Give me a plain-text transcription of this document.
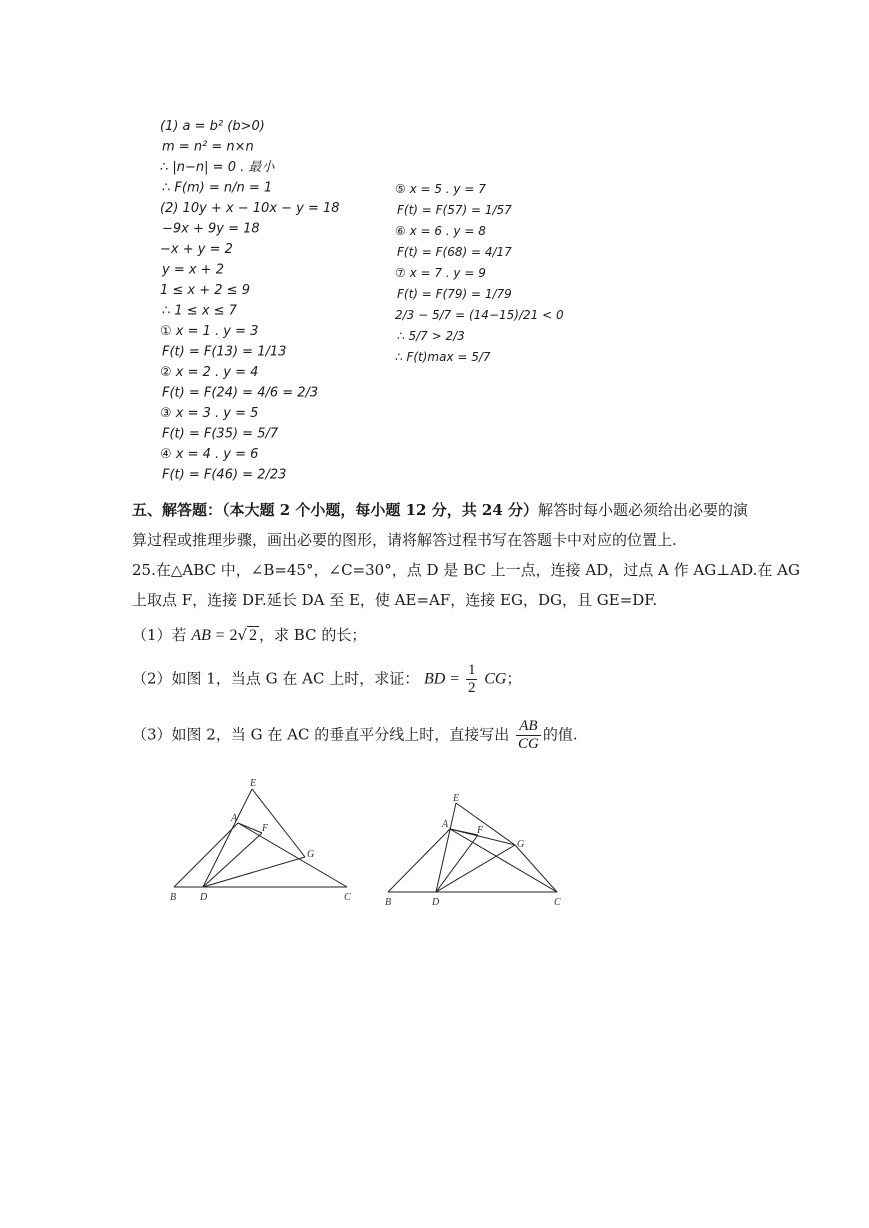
(1) a = b² (b>0)
m = n² = n×n
∴ |n−n| = 0 . 最小
∴ F(m) = n/n = 1
(2) 10y + x − 10x − y = 18
−9x + 9y = 18
−x + y = 2
y = x + 2
1 ≤ x + 2 ≤ 9
∴ 1 ≤ x ≤ 7
① x = 1 . y = 3
F(t) = F(13) = 1/13
② x = 2 . y = 4
F(t) = F(24) = 4/6 = 2/3
③ x = 3 . y = 5
F(t) = F(35) = 5/7
④ x = 4 . y = 6
F(t) = F(46) = 2/23
⑤ x = 5 . y = 7
F(t) = F(57) = 1/57
⑥ x = 6 . y = 8
F(t) = F(68) = 4/17
⑦ x = 7 . y = 9
F(t) = F(79) = 1/79
2/3 − 5/7 = (14−15)/21 < 0
∴ 5/7 > 2/3
∴ F(t)max = 5/7
五、解答题：（本大题 2 个小题，每小题 12 分，共 24 分）解答时每小题必须给出必要的演
算过程或推理步骤，画出必要的图形，请将解答过程书写在答题卡中对应的位置上.
25.在△ABC 中，∠B=45°，∠C=30°，点 D 是 BC 上一点，连接 AD，过点 A 作 AG⊥AD.在 AG
上取点 F，连接 DF.延长 DA 至 E，使 AE=AF，连接 EG，DG，且 GE=DF.
（1）若 AB = 2√ 2 ，求 BC 的长；
（2）如图 1，当点 G 在 AC 上时，求证： BD = $\frac{1}{2}$ CG；
（3）如图 2，当 G 在 AC 的垂直平分线上时，直接写出 $\frac{AB}{CG}$ 的值.
E
A
F
G
B D	C
E
A
F
G
B	D	C
